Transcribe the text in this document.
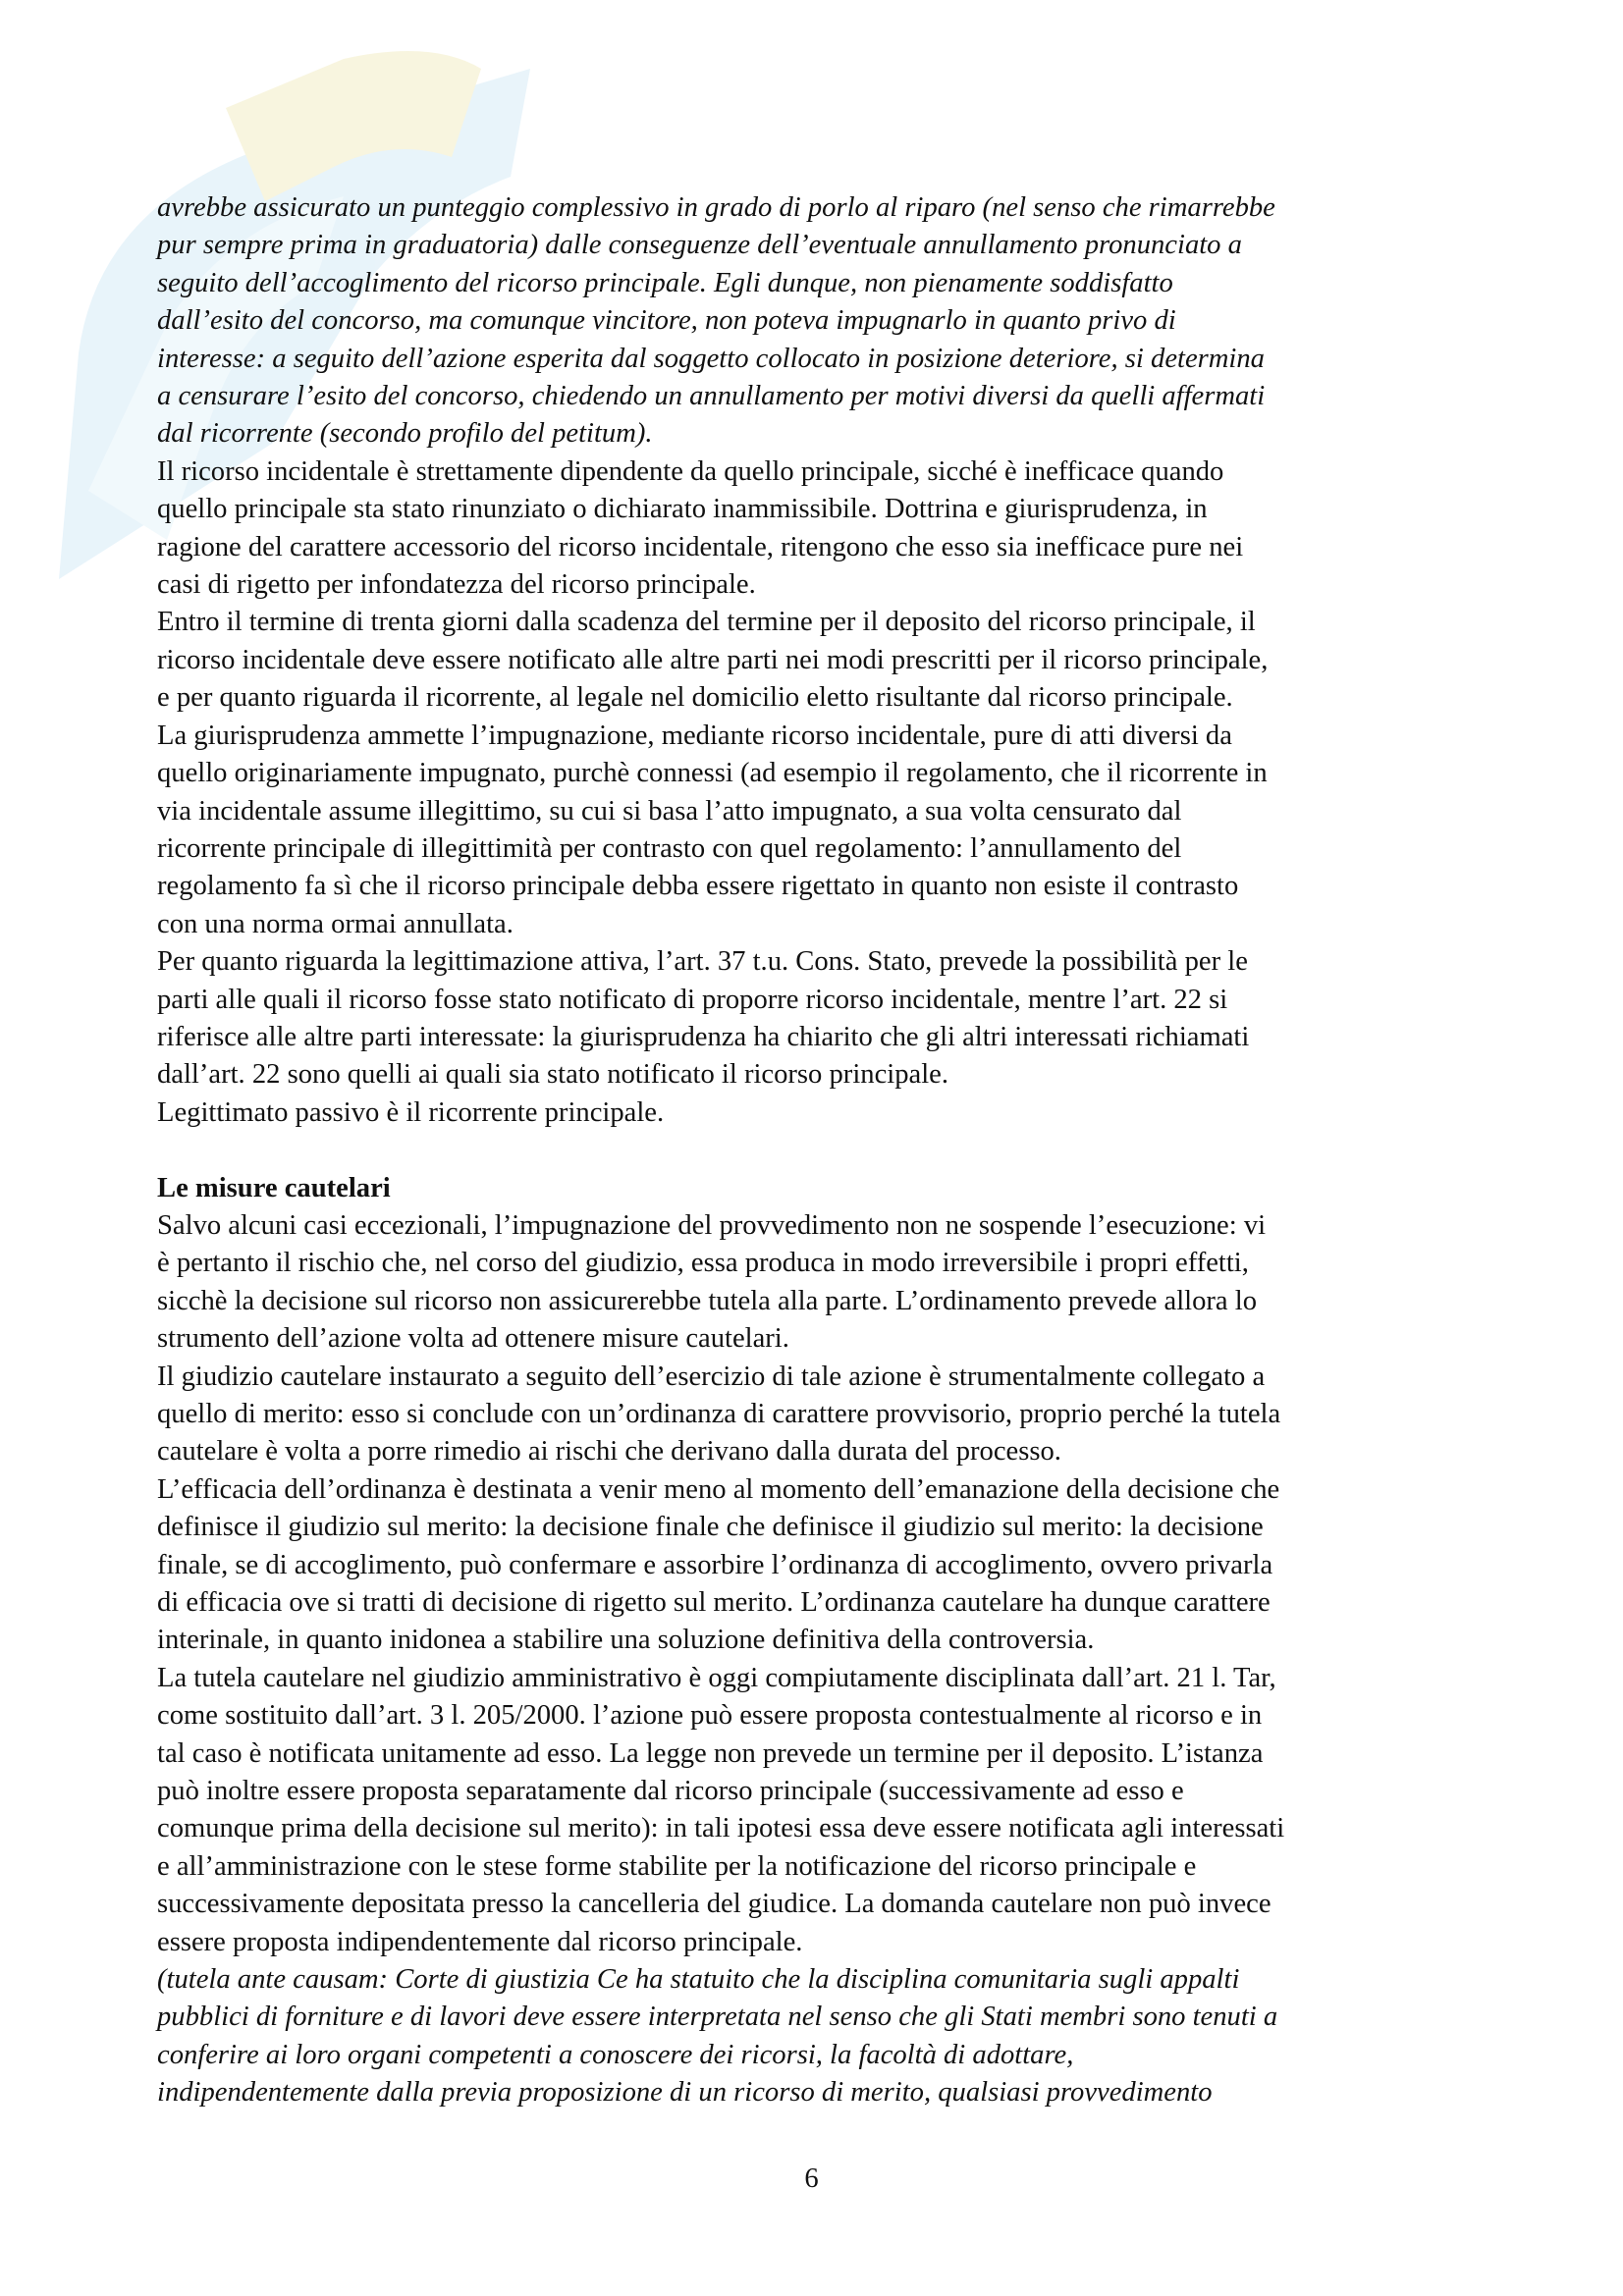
avrebbe assicurato un punteggio complessivo in grado di porlo al riparo (nel senso che rimarrebbe

pur sempre prima in graduatoria) dalle conseguenze dell’eventuale annullamento pronunciato a

seguito dell’accoglimento del ricorso principale. Egli dunque, non pienamente soddisfatto

dall’esito del concorso, ma comunque vincitore, non poteva impugnarlo in quanto privo di

interesse: a seguito dell’azione esperita dal soggetto collocato in posizione deteriore, si determina

a censurare l’esito del concorso, chiedendo un annullamento per motivi diversi da quelli affermati

dal ricorrente (secondo profilo del petitum).

Il ricorso incidentale è strettamente dipendente da quello principale, sicché è inefficace quando

quello principale sta stato rinunziato o dichiarato inammissibile. Dottrina e giurisprudenza, in

ragione del carattere accessorio del ricorso incidentale, ritengono che esso sia inefficace pure nei

casi di rigetto per infondatezza del ricorso principale.

Entro il termine di trenta giorni dalla scadenza del termine per il deposito del ricorso principale, il

ricorso incidentale deve essere notificato alle altre parti nei modi prescritti per il ricorso principale,

e per quanto riguarda il ricorrente, al legale nel domicilio eletto risultante dal ricorso principale.

La giurisprudenza ammette l’impugnazione, mediante ricorso incidentale, pure di atti diversi da

quello originariamente impugnato, purchè connessi (ad esempio il regolamento, che il ricorrente in

via incidentale assume illegittimo, su cui si basa l’atto impugnato, a sua volta censurato dal

ricorrente principale di illegittimità per contrasto con quel regolamento: l’annullamento del

regolamento fa sì che il ricorso principale debba essere rigettato in quanto non esiste il contrasto

con una norma ormai annullata.

Per quanto riguarda la legittimazione attiva, l’art. 37 t.u. Cons. Stato, prevede la possibilità per le

parti alle quali il ricorso fosse stato notificato di proporre ricorso incidentale, mentre l’art. 22 si

riferisce alle altre parti interessate: la giurisprudenza ha chiarito che gli altri interessati richiamati

dall’art. 22 sono quelli ai quali sia stato notificato il ricorso principale.

Legittimato passivo è il ricorrente principale.

Le misure cautelari

Salvo alcuni casi eccezionali, l’impugnazione del provvedimento non ne sospende l’esecuzione: vi

è pertanto il rischio che, nel corso del giudizio, essa produca in modo irreversibile i propri effetti,

sicchè la decisione sul ricorso non assicurerebbe tutela alla parte. L’ordinamento prevede allora lo

strumento dell’azione volta ad ottenere misure cautelari.

Il giudizio cautelare instaurato a seguito dell’esercizio di tale azione è strumentalmente collegato a

quello di merito: esso si conclude con un’ordinanza di carattere provvisorio, proprio perché la tutela

cautelare è volta a porre rimedio ai rischi che derivano dalla durata del processo.

L’efficacia dell’ordinanza è destinata a venir meno al momento dell’emanazione della decisione che

definisce il giudizio sul merito: la decisione finale che definisce il giudizio sul merito: la decisione

finale, se di accoglimento, può confermare e assorbire l’ordinanza di accoglimento, ovvero privarla

di efficacia ove si tratti di decisione di rigetto sul merito. L’ordinanza cautelare ha dunque carattere

interinale, in quanto inidonea a stabilire una soluzione definitiva della controversia.

La tutela cautelare nel giudizio amministrativo è oggi compiutamente disciplinata dall’art. 21 l. Tar,

come sostituito dall’art. 3 l. 205/2000. l’azione può essere proposta contestualmente al ricorso e in

tal caso è notificata unitamente ad esso. La legge non prevede un termine per il deposito. L’istanza

può inoltre essere proposta separatamente dal ricorso principale (successivamente ad esso e

comunque prima della decisione sul merito): in tali ipotesi essa deve essere notificata agli interessati

e all’amministrazione con le stese forme stabilite per la notificazione del ricorso principale e

successivamente depositata presso la cancelleria del giudice. La domanda cautelare non può invece

essere proposta indipendentemente dal ricorso principale.

(tutela ante causam: Corte di giustizia Ce ha statuito che la disciplina comunitaria sugli appalti

pubblici di forniture e di lavori deve essere interpretata nel senso che gli Stati membri sono tenuti a

conferire ai loro organi competenti a conoscere dei ricorsi, la facoltà di adottare,

indipendentemente dalla previa proposizione di un ricorso di merito, qualsiasi provvedimento

6
